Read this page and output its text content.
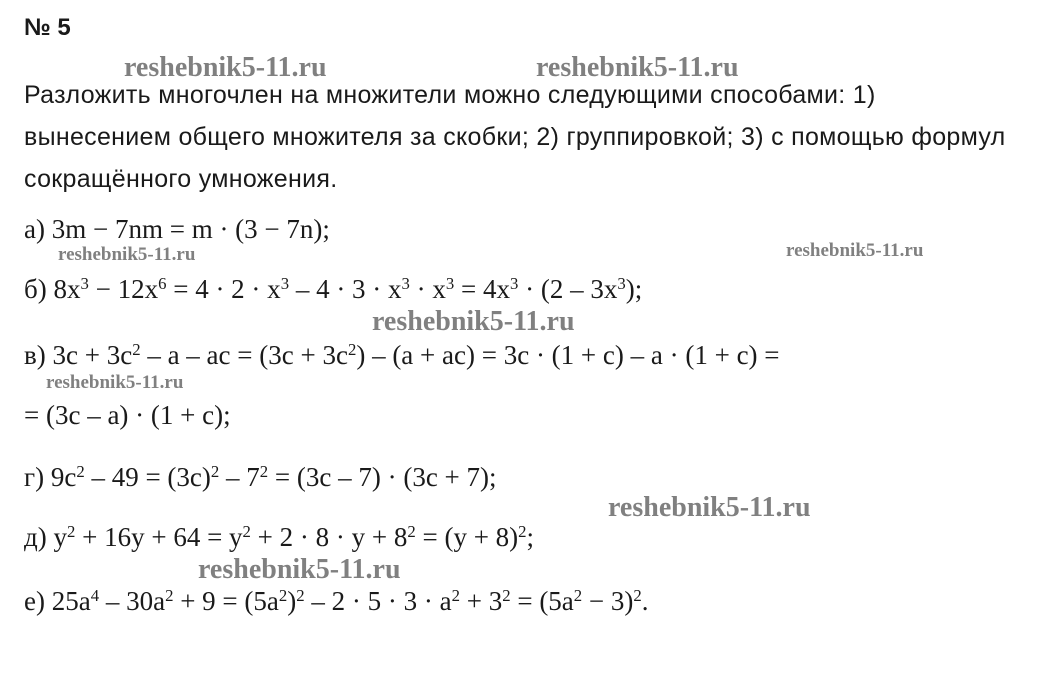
№ 5
Разложить многочлен на множители можно следующими способами: 1) вынесением общего множителя за скобки; 2) группировкой; 3) с помощью формул сокращённого умножения.
а) 3m − 7nm = m · (3 − 7n);
б) $8x^3 - 12x^6 = 4 \cdot 2 \cdot x^3 - 4 \cdot 3 \cdot x^3 \cdot x^3 = 4x^3 \cdot (2 - 3x^3)$;
в) $3c + 3c^2 - a$ – ac = $(3c + 3c^2) - (a + ac) = 3c \cdot (1 + c) - a \cdot (1 + c)$ =
= (3c – a) · (1 + c);
г) $9c^2 - 49 = (3c)^2 - 7^2 = (3c - 7) \cdot (3c + 7)$;
д) $y^2 + 16y + 64 = y^2 + 2 \cdot 8 \cdot y + 8^2 = (y + 8)^2$;
е) $25a^4 - 30a^2 + 9 = (5a^2)^2 - 2 \cdot 5 \cdot 3 \cdot a^2 + 3^2 = (5a^2 - 3)^2$.
reshebnik5-11.ru	reshebnik5-11.ru
reshebnik5-11.ru	reshebnik5-11.ru
reshebnik5-11.ru
reshebnik5-11.ru
reshebnik5-11.ru
reshebnik5-11.ru
